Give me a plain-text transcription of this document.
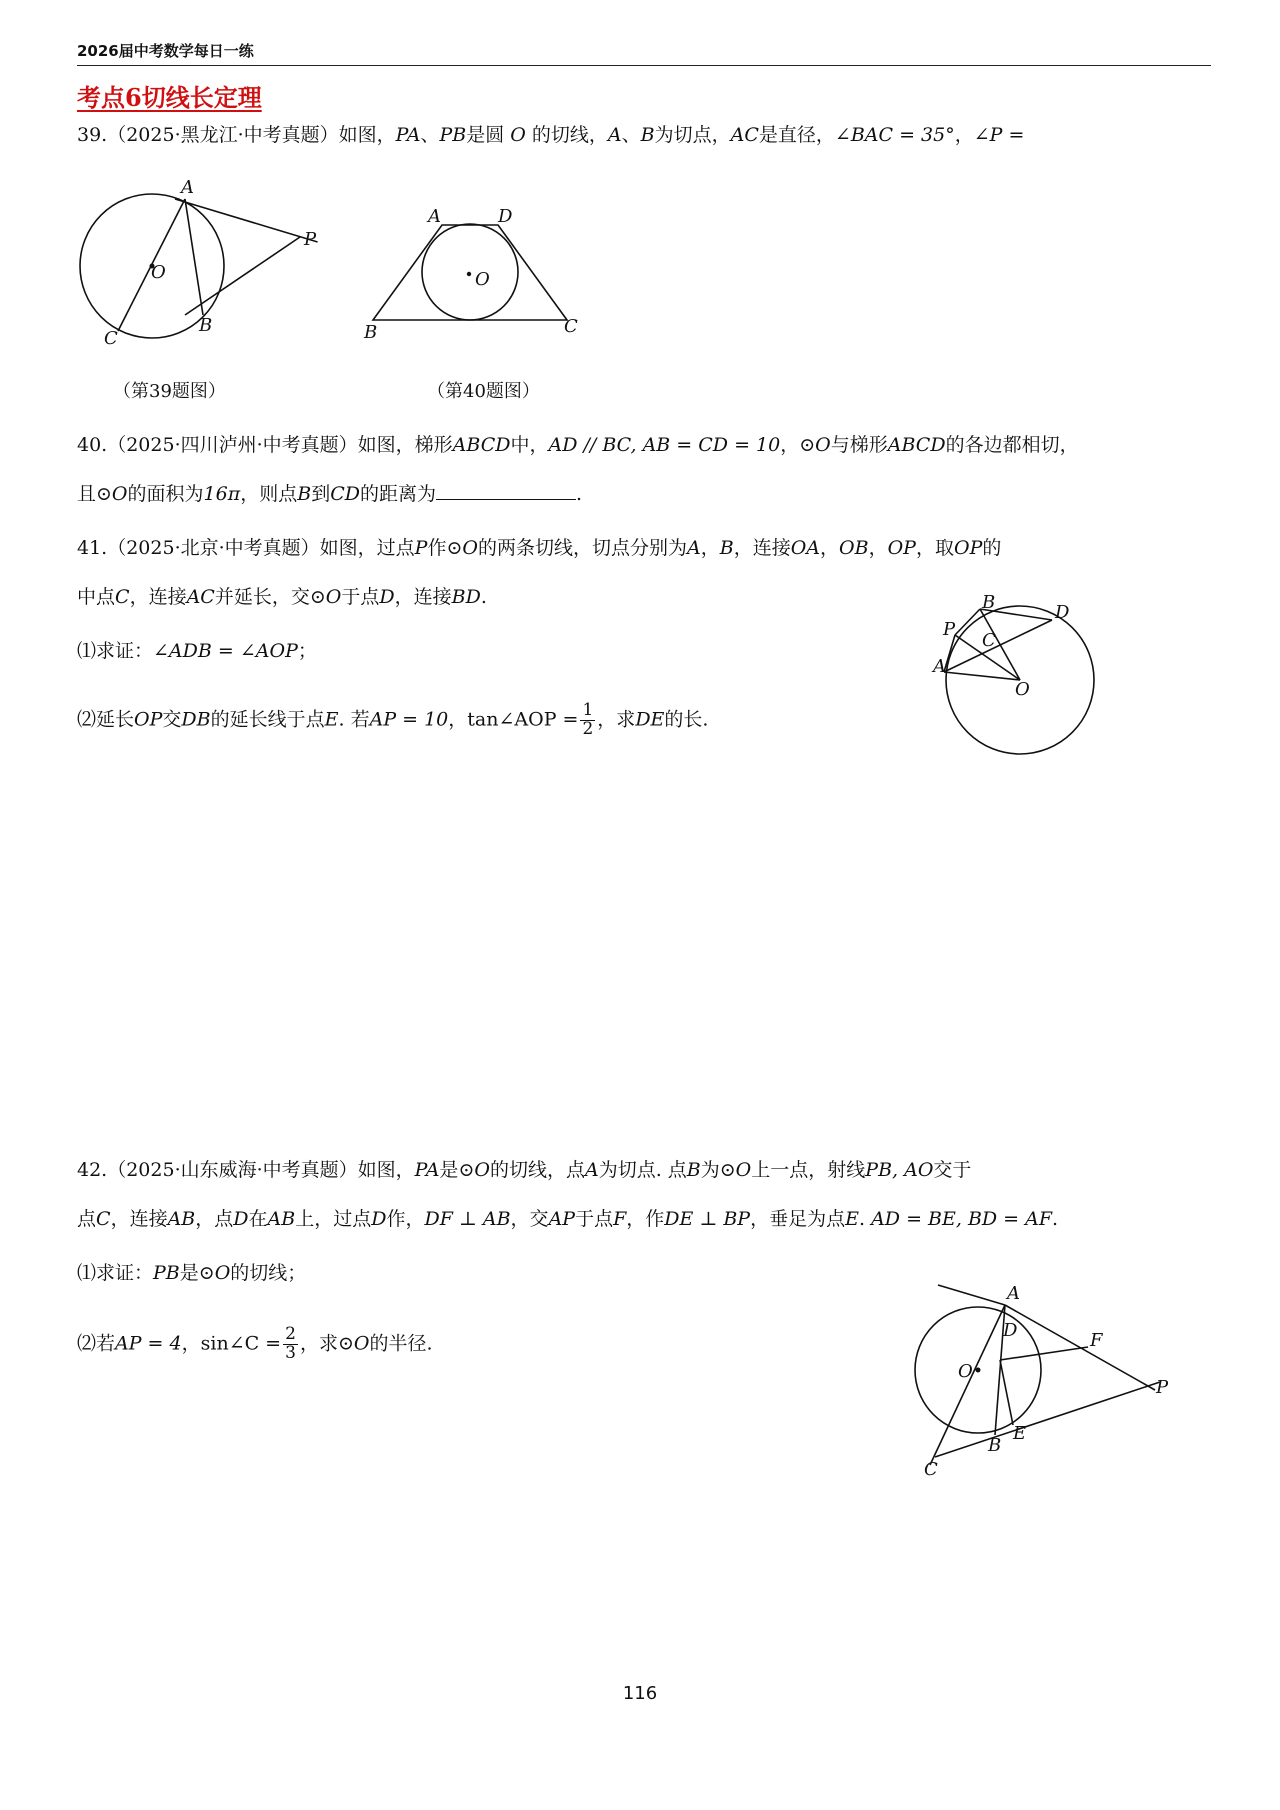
2026届中考数学每日一练
考点6切线长定理
39.（2025·黑龙江·中考真题）如图，PA、PB是圆 O 的切线，A、B为切点，AC是直径，∠BAC = 35°，∠P =
A
P
O
B
C
A	D
O
B	C
（第39题图）	（第40题图）
40.（2025·四川泸州·中考真题）如图，梯形ABCD中，AD // BC, AB = CD = 10，⊙O与梯形ABCD的各边都相切，
且⊙O的面积为16π，则点B到CD的距离为	.
41.（2025·北京·中考真题）如图，过点P作⊙O的两条切线，切点分别为A，B，连接OA，OB，OP，取OP的
中点C，连接AC并延长，交⊙O于点D，连接BD.
⑴求证：∠ADB = ∠AOP；
⑵延长OP交DB的延长线于点E. 若AP = 10，tan∠AOP = $\frac{1}{2}$ ，求DE的长.
P
B	D
C
A
O
42.（2025·山东威海·中考真题）如图，PA是⊙O的切线，点A为切点. 点B为⊙O上一点，射线PB, AO交于
点C，连接AB，点D在AB上，过点D作，DF ⊥ AB，交AP于点F，作DE ⊥ BP，垂足为点E. AD = BE, BD = AF.
⑴求证：PB是⊙O的切线；
⑵若AP = 4，sin∠C = $\frac{2}{3}$ ，求⊙O的半径.
A
D	F
O
P
E
B
C
116
